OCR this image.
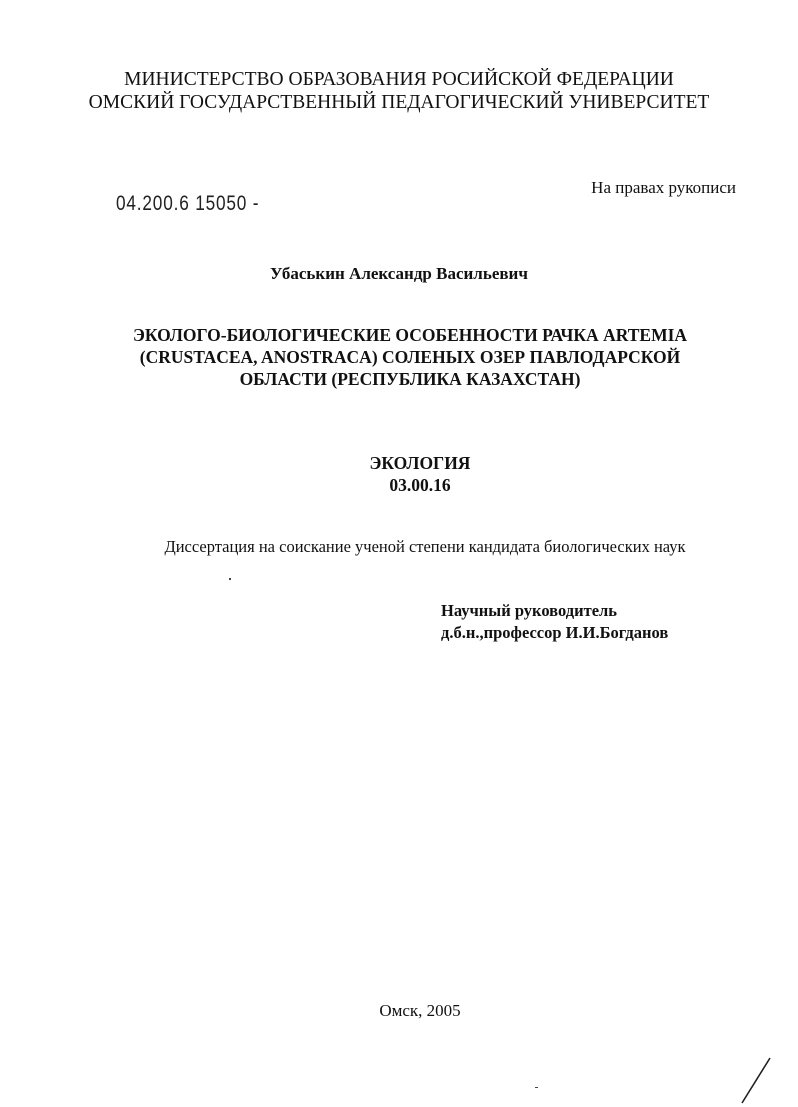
МИНИСТЕРСТВО ОБРАЗОВАНИЯ РОСИЙСКОЙ ФЕДЕРАЦИИ
ОМСКИЙ ГОСУДАРСТВЕННЫЙ ПЕДАГОГИЧЕСКИЙ УНИВЕРСИТЕТ
На правах рукописи
04.200.6 15050 -
Убаськин Александр Васильевич
ЭКОЛОГО-БИОЛОГИЧЕСКИЕ ОСОБЕННОСТИ РАЧКА ARTEMIA
(CRUSTACEA, ANOSTRACA) СОЛЕНЫХ ОЗЕР ПАВЛОДАРСКОЙ
ОБЛАСТИ (РЕСПУБЛИКА КАЗАХСТАН)
ЭКОЛОГИЯ
03.00.16
Диссертация на соискание ученой степени кандидата биологических наук
Научный руководитель
д.б.н.,профессор И.И.Богданов
Омск, 2005
